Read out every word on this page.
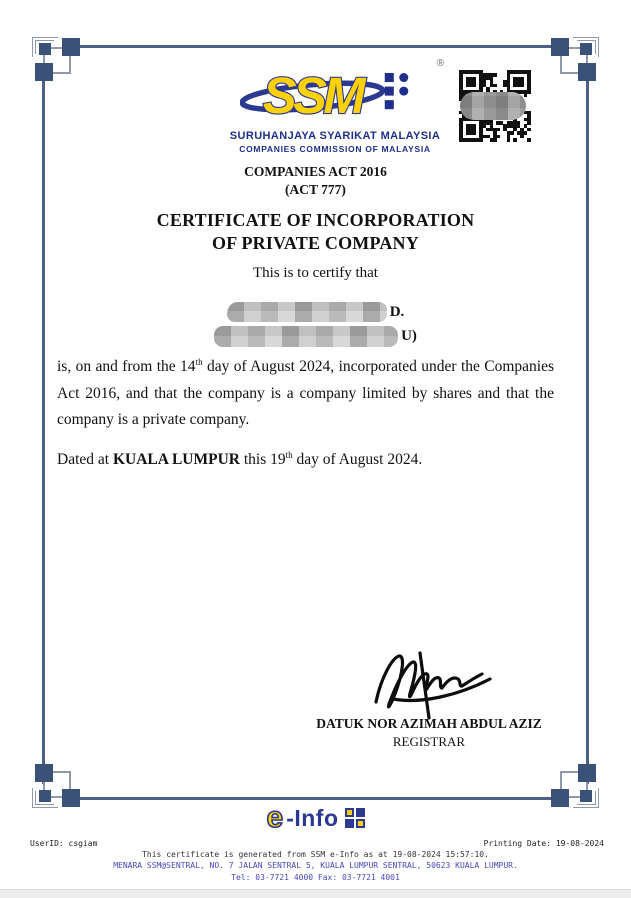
SSM
®
SURUHANJAYA SYARIKAT MALAYSIA
COMPANIES COMMISSION OF MALAYSIA
COMPANIES ACT 2016
(ACT 777)
CERTIFICATE OF INCORPORATION
OF PRIVATE COMPANY
This is to certify that
D.
U)
is, on and from the 14th day of August 2024, incorporated under the Companies Act 2016, and that the company is a company limited by shares and that the company is a private company.
Dated at KUALA LUMPUR this 19th day of August 2024.
DATUK NOR AZIMAH ABDUL AZIZ
REGISTRAR
e -Info
UserID: csgiam	Printing Date: 19-08-2024
This certificate is generated from SSM e-Info as at 19-08-2024 15:57:10.
MENARA SSM@SENTRAL, NO. 7 JALAN SENTRAL 5, KUALA LUMPUR SENTRAL, 50623 KUALA LUMPUR.
Tel: 03-7721 4000 Fax: 03-7721 4001
